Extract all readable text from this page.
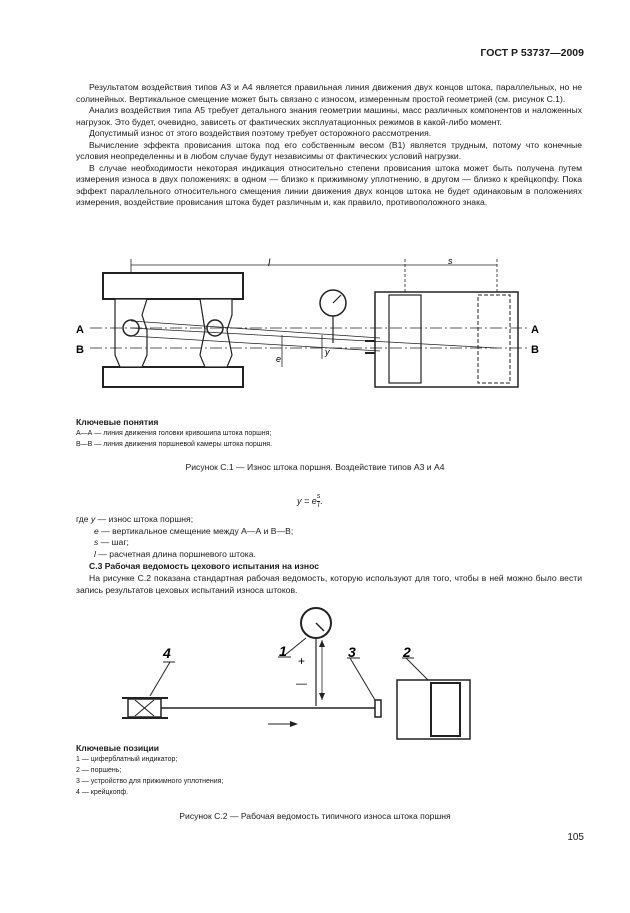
ГОСТ Р 53737—2009

Результатом воздействия типов А3 и А4 является правильная линия движения двух концов штока, параллельных, но не солинейных. Вертикальное смещение может быть связано с износом, измеренным простой геометрией (см. рисунок С.1).

Анализ воздействия типа А5 требует детального знания геометрии машины, масс различных компонентов и наложенных нагрузок. Это будет, очевидно, зависеть от фактических эксплуатационных режимов в какой-либо момент.

Допустимый износ от этого воздействия поэтому требует осторожного рассмотрения.

Вычисление эффекта провисания штока под его собственным весом (В1) является трудным, потому что конечные условия неопределенны и в любом случае будут независимы от фактических условий нагрузки.

В случае необходимости некоторая индикация относительно степени провисания штока может быть получена путем измерения износа в двух положениях: в одном — близко к прижимному уплотнению, в другом — близко к крейцкопфу. Пока эффект параллельного относительного смещения линии движения двух концов штока не будет одинаковым в положениях измерения, воздействие провисания штока будет различным и, как правило, противоположного знака.

l	s
A
B
A
B
e
y
Ключевые понятия
А—А — линия движения головки кривошипа штока поршня;
В—В — линия движения поршневой камеры штока поршня.
Рисунок С.1 — Износ штока поршня. Воздействие типов А3 и А4
y = e $\frac{s}{l}$ .
где y — износ штока поршня;
e — вертикальное смещение между А—А и В—В;
s — шаг;
l — расчетная длина поршневого штока.
С.3 Рабочая ведомость цехового испытания на износ

На рисунке С.2 показана стандартная рабочая ведомость, которую используют для того, чтобы в ней можно было вести запись результатов цеховых испытаний износа штоков.

4	1	3	2
+
—
Ключевые позиции
1 — циферблатный индикатор;
2 — поршень;
3 — устройство для прижимного уплотнения;
4 — крейцкопф.
Рисунок С.2 — Рабочая ведомость типичного износа штока поршня
105
